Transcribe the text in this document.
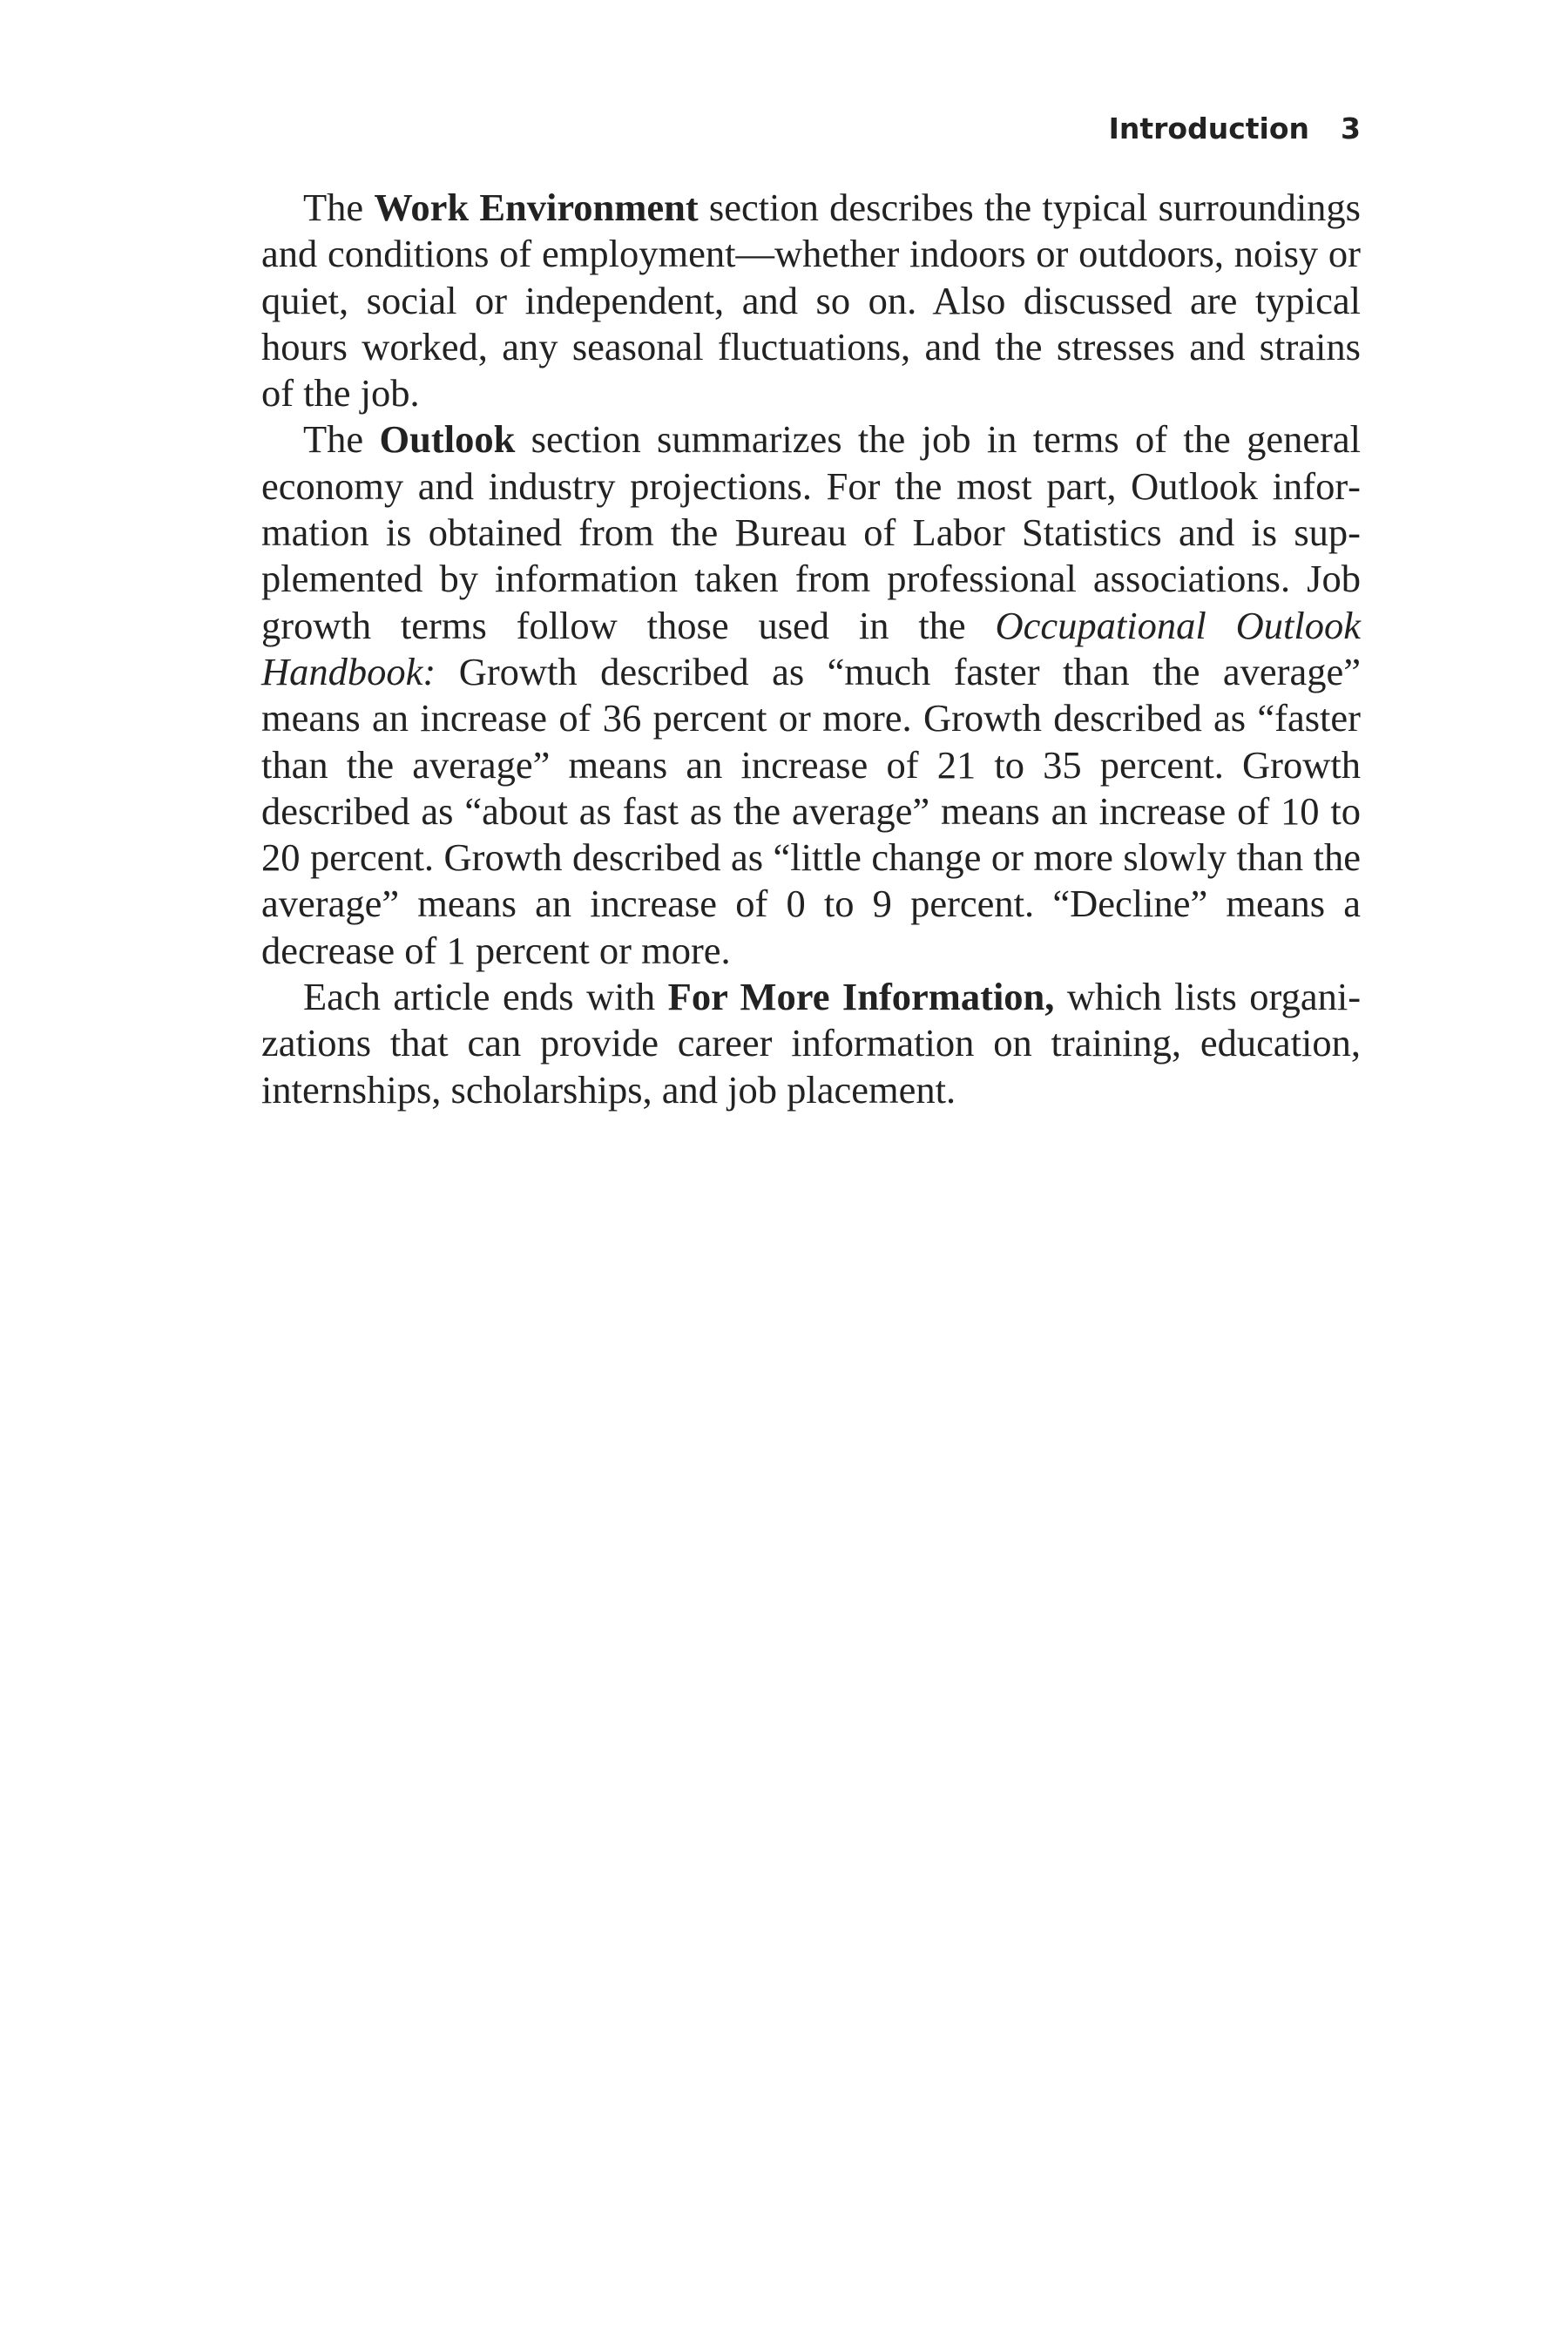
Introduction 3

The Work Environment section describes the typical surroundings and conditions of employment—whether indoors or outdoors, noisy or quiet, social or independent, and so on. Also discussed are typical hours worked, any seasonal fluctuations, and the stresses and strains of the job.

The Outlook section summarizes the job in terms of the general economy and industry projections. For the most part, Outlook information is obtained from the Bureau of Labor Statistics and is supplemented by information taken from professional associations. Job growth terms follow those used in the Occupational Outlook Handbook: Growth described as “much faster than the average” means an increase of 36 percent or more. Growth described as “faster than the average” means an increase of 21 to 35 percent. Growth described as “about as fast as the average” means an increase of 10 to 20 percent. Growth described as “little change or more slowly than the average” means an increase of 0 to 9 percent. “Decline” means a decrease of 1 percent or more.

Each article ends with For More Information, which lists organizations that can provide career information on training, education, internships, scholarships, and job placement.
